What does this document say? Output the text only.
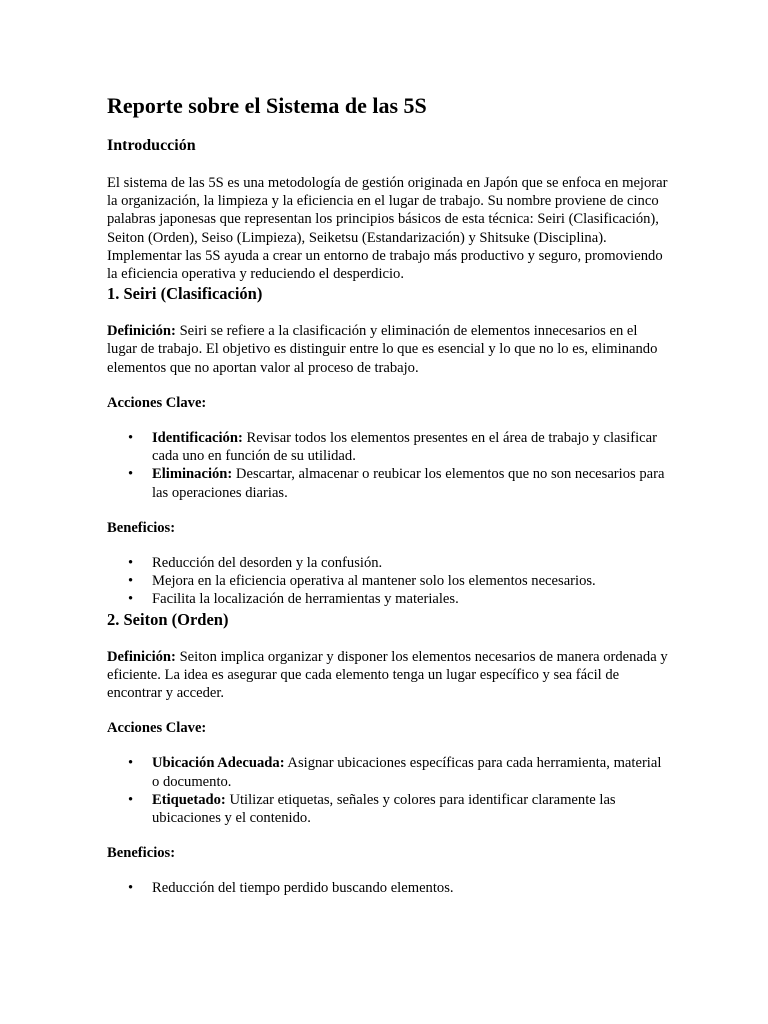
Reporte sobre el Sistema de las 5S
Introducción

El sistema de las 5S es una metodología de gestión originada en Japón que se enfoca en mejorar la organización, la limpieza y la eficiencia en el lugar de trabajo. Su nombre proviene de cinco palabras japonesas que representan los principios básicos de esta técnica: Seiri (Clasificación), Seiton (Orden), Seiso (Limpieza), Seiketsu (Estandarización) y Shitsuke (Disciplina). Implementar las 5S ayuda a crear un entorno de trabajo más productivo y seguro, promoviendo la eficiencia operativa y reduciendo el desperdicio.

1. Seiri (Clasificación)

Definición: Seiri se refiere a la clasificación y eliminación de elementos innecesarios en el lugar de trabajo. El objetivo es distinguir entre lo que es esencial y lo que no lo es, eliminando elementos que no aportan valor al proceso de trabajo.

Acciones Clave:

• Identificación: Revisar todos los elementos presentes en el área de trabajo y clasificar cada uno en función de su utilidad.
• Eliminación: Descartar, almacenar o reubicar los elementos que no son necesarios para las operaciones diarias.

Beneficios:

• Reducción del desorden y la confusión.
• Mejora en la eficiencia operativa al mantener solo los elementos necesarios.
• Facilita la localización de herramientas y materiales.
2. Seiton (Orden)

Definición: Seiton implica organizar y disponer los elementos necesarios de manera ordenada y eficiente. La idea es asegurar que cada elemento tenga un lugar específico y sea fácil de encontrar y acceder.

Acciones Clave:

• Ubicación Adecuada: Asignar ubicaciones específicas para cada herramienta, material o documento.
• Etiquetado: Utilizar etiquetas, señales y colores para identificar claramente las ubicaciones y el contenido.

Beneficios:

• Reducción del tiempo perdido buscando elementos.
